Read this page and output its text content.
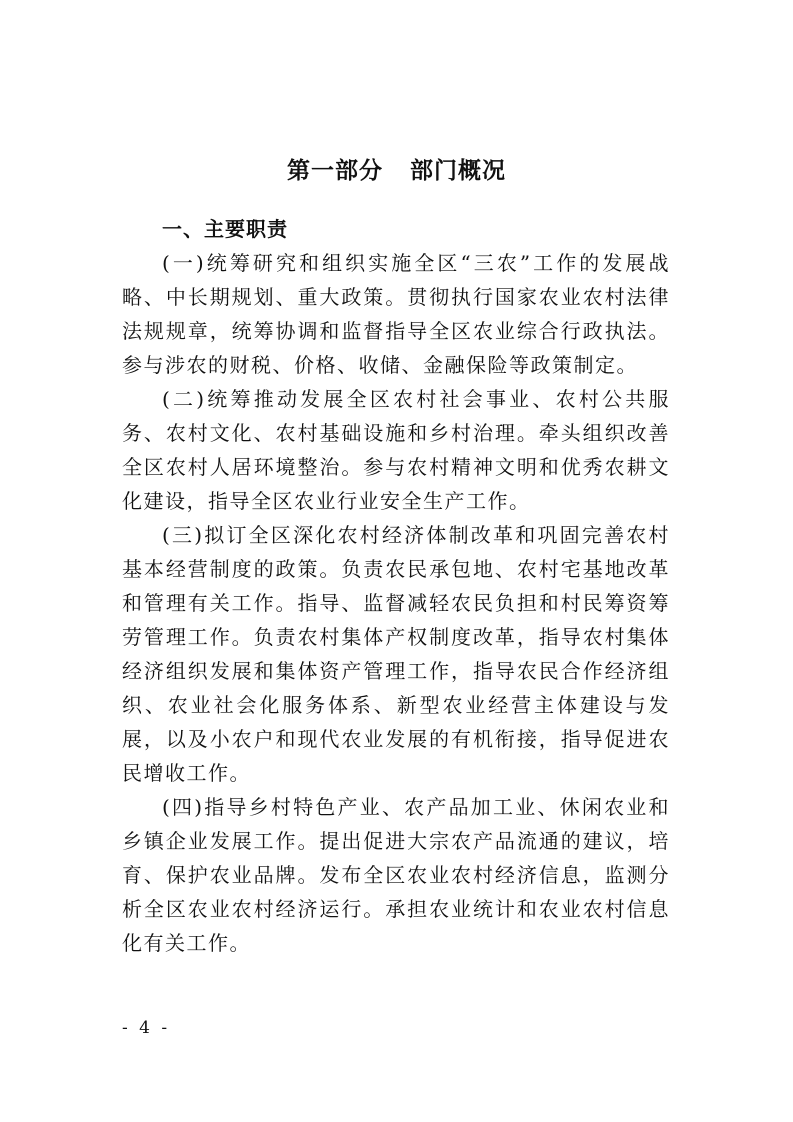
第一部分 部门概况
一、主要职责

(一)统筹研究和组织实施全区“三农”工作的发展战略、中长期规划、重大政策。贯彻执行国家农业农村法律法规规章，统筹协调和监督指导全区农业综合行政执法。参与涉农的财税、价格、收储、金融保险等政策制定。

(二)统筹推动发展全区农村社会事业、农村公共服务、农村文化、农村基础设施和乡村治理。牵头组织改善全区农村人居环境整治。参与农村精神文明和优秀农耕文化建设，指导全区农业行业安全生产工作。

(三)拟订全区深化农村经济体制改革和巩固完善农村基本经营制度的政策。负责农民承包地、农村宅基地改革和管理有关工作。指导、监督减轻农民负担和村民筹资筹劳管理工作。负责农村集体产权制度改革，指导农村集体经济组织发展和集体资产管理工作，指导农民合作经济组织、农业社会化服务体系、新型农业经营主体建设与发展，以及小农户和现代农业发展的有机衔接，指导促进农民增收工作。

(四)指导乡村特色产业、农产品加工业、休闲农业和乡镇企业发展工作。提出促进大宗农产品流通的建议，培育、保护农业品牌。发布全区农业农村经济信息，监测分析全区农业农村经济运行。承担农业统计和农业农村信息化有关工作。

- 4 -
